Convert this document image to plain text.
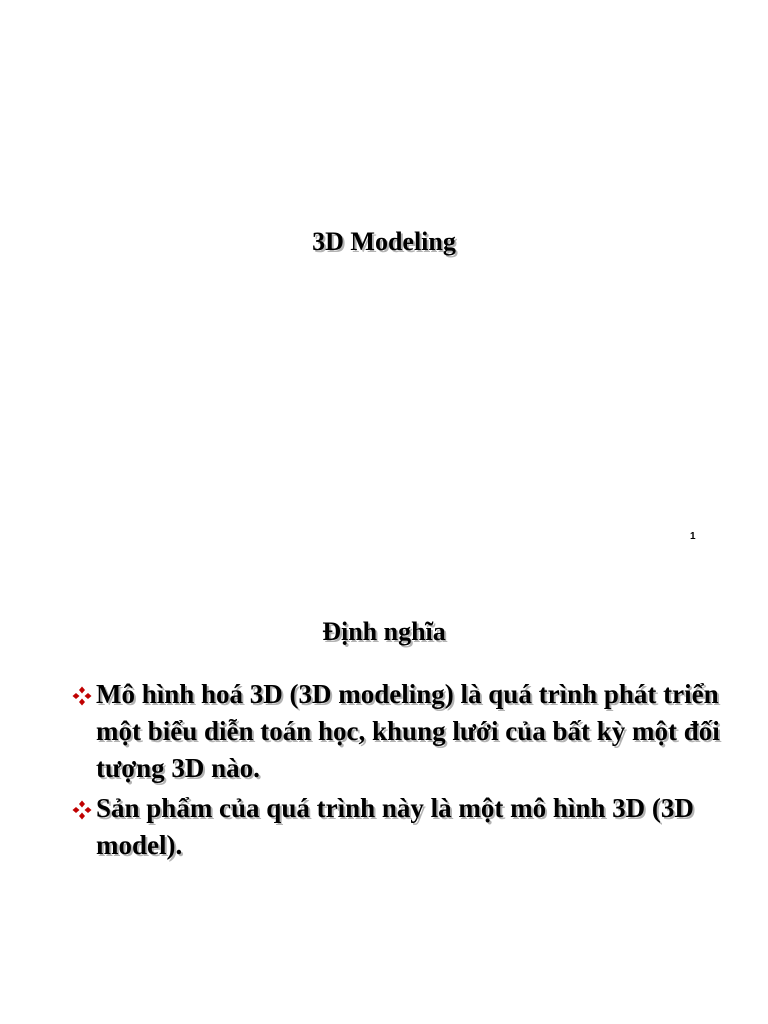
3D Modeling
1
Định nghĩa
Mô hình hoá 3D (3D modeling) là quá trình phát triển một biểu diễn toán học, khung lưới của bất kỳ một đối tượng 3D nào.
Sản phẩm của quá trình này là một mô hình 3D (3D model).
